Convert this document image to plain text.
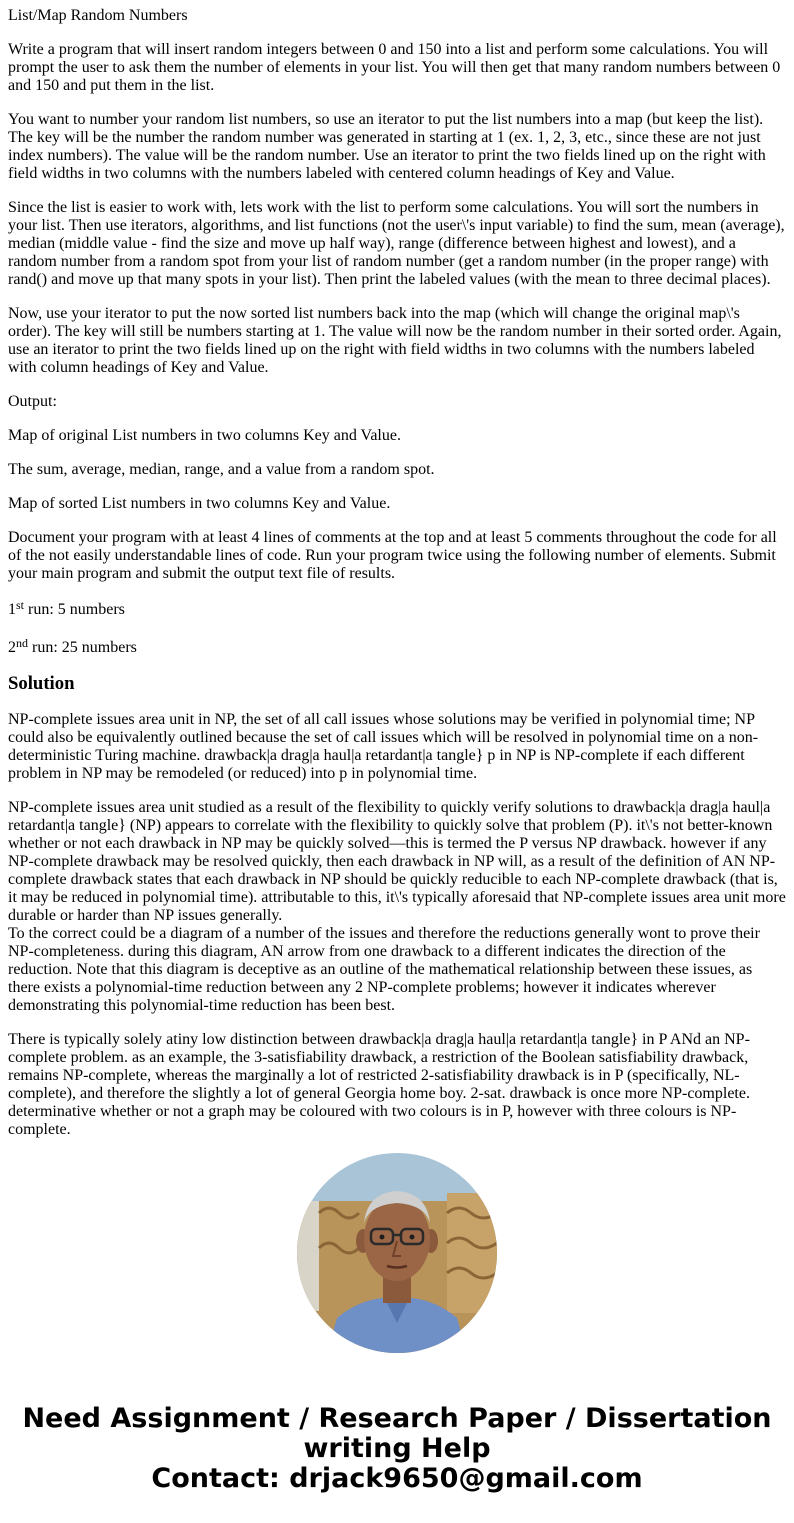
List/Map Random Numbers

Write a program that will insert random integers between 0 and 150 into a list and perform some calculations. You will prompt the user to ask them the number of elements in your list. You will then get that many random numbers between 0 and 150 and put them in the list.

You want to number your random list numbers, so use an iterator to put the list numbers into a map (but keep the list). The key will be the number the random number was generated in starting at 1 (ex. 1, 2, 3, etc., since these are not just index numbers). The value will be the random number. Use an iterator to print the two fields lined up on the right with field widths in two columns with the numbers labeled with centered column headings of Key and Value.

Since the list is easier to work with, lets work with the list to perform some calculations. You will sort the numbers in your list. Then use iterators, algorithms, and list functions (not the user\'s input variable) to find the sum, mean (average), median (middle value - find the size and move up half way), range (difference between highest and lowest), and a random number from a random spot from your list of random number (get a random number (in the proper range) with rand() and move up that many spots in your list). Then print the labeled values (with the mean to three decimal places).

Now, use your iterator to put the now sorted list numbers back into the map (which will change the original map\'s order). The key will still be numbers starting at 1. The value will now be the random number in their sorted order. Again, use an iterator to print the two fields lined up on the right with field widths in two columns with the numbers labeled with column headings of Key and Value.

Output:

Map of original List numbers in two columns Key and Value.

The sum, average, median, range, and a value from a random spot.

Map of sorted List numbers in two columns Key and Value.

Document your program with at least 4 lines of comments at the top and at least 5 comments throughout the code for all of the not easily understandable lines of code. Run your program twice using the following number of elements. Submit your main program and submit the output text file of results.

1st run: 5 numbers

2nd run: 25 numbers

Solution

NP-complete issues area unit in NP, the set of all call issues whose solutions may be verified in polynomial time; NP could also be equivalently outlined because the set of call issues which will be resolved in polynomial time on a non-deterministic Turing machine. drawback|a drag|a haul|a retardant|a tangle} p in NP is NP-complete if each different problem in NP may be remodeled (or reduced) into p in polynomial time.

NP-complete issues area unit studied as a result of the flexibility to quickly verify solutions to drawback|a drag|a haul|a retardant|a tangle} (NP) appears to correlate with the flexibility to quickly solve that problem (P). it\'s not better-known whether or not each drawback in NP may be quickly solved—this is termed the P versus NP drawback. however if any NP-complete drawback may be resolved quickly, then each drawback in NP will, as a result of the definition of AN NP-complete drawback states that each drawback in NP should be quickly reducible to each NP-complete drawback (that is, it may be reduced in polynomial time). attributable to this, it\'s typically aforesaid that NP-complete issues area unit more durable or harder than NP issues generally.

To the correct could be a diagram of a number of the issues and therefore the reductions generally wont to prove their NP-completeness. during this diagram, AN arrow from one drawback to a different indicates the direction of the reduction. Note that this diagram is deceptive as an outline of the mathematical relationship between these issues, as there exists a polynomial-time reduction between any 2 NP-complete problems; however it indicates wherever demonstrating this polynomial-time reduction has been best.

There is typically solely atiny low distinction between drawback|a drag|a haul|a retardant|a tangle} in P ANd an NP-complete problem. as an example, the 3-satisfiability drawback, a restriction of the Boolean satisfiability drawback, remains NP-complete, whereas the marginally a lot of restricted 2-satisfiability drawback is in P (specifically, NL-complete), and therefore the slightly a lot of general Georgia home boy. 2-sat. drawback is once more NP-complete. determinative whether or not a graph may be coloured with two colours is in P, however with three colours is NP-complete.

Need Assignment / Research Paper / Dissertation
writing Help
Contact: drjack9650@gmail.com
